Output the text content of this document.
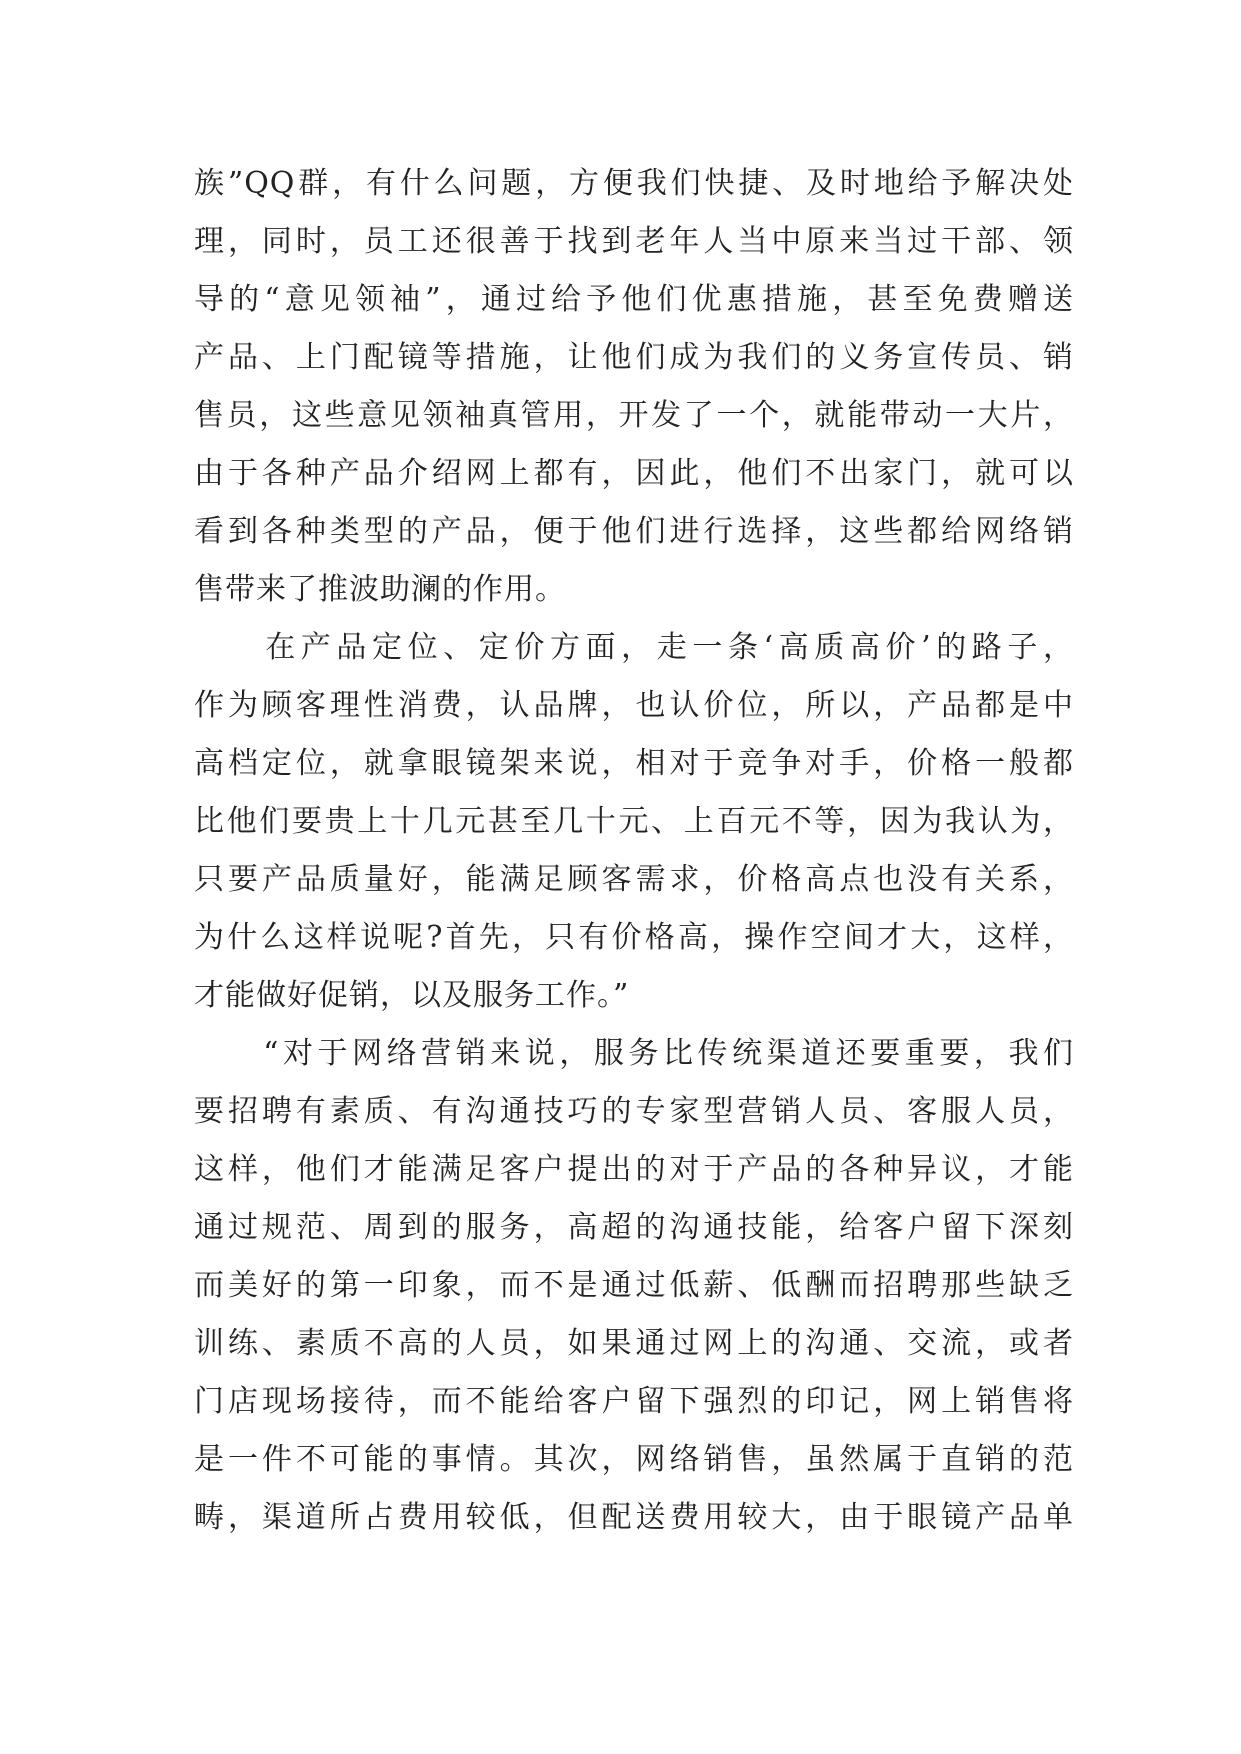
族”QQ群，有什么问题，方便我们快捷、及时地给予解决处
理，同时，员工还很善于找到老年人当中原来当过干部、领
导的“意见领袖”，通过给予他们优惠措施，甚至免费赠送
产品、上门配镜等措施，让他们成为我们的义务宣传员、销
售员，这些意见领袖真管用，开发了一个，就能带动一大片，
由于各种产品介绍网上都有，因此，他们不出家门，就可以
看到各种类型的产品，便于他们进行选择，这些都给网络销
售带来了推波助澜的作用。
　　在产品定位、定价方面，走一条‘高质高价’的路子，
作为顾客理性消费，认品牌，也认价位，所以，产品都是中
高档定位，就拿眼镜架来说，相对于竞争对手，价格一般都
比他们要贵上十几元甚至几十元、上百元不等，因为我认为，
只要产品质量好，能满足顾客需求，价格高点也没有关系，
为什么这样说呢?首先，只有价格高，操作空间才大，这样，
才能做好促销，以及服务工作。”
　　“对于网络营销来说，服务比传统渠道还要重要，我们
要招聘有素质、有沟通技巧的专家型营销人员、客服人员，
这样，他们才能满足客户提出的对于产品的各种异议，才能
通过规范、周到的服务，高超的沟通技能，给客户留下深刻
而美好的第一印象，而不是通过低薪、低酬而招聘那些缺乏
训练、素质不高的人员，如果通过网上的沟通、交流，或者
门店现场接待，而不能给客户留下强烈的印记，网上销售将
是一件不可能的事情。其次，网络销售，虽然属于直销的范
畴，渠道所占费用较低，但配送费用较大，由于眼镜产品单
